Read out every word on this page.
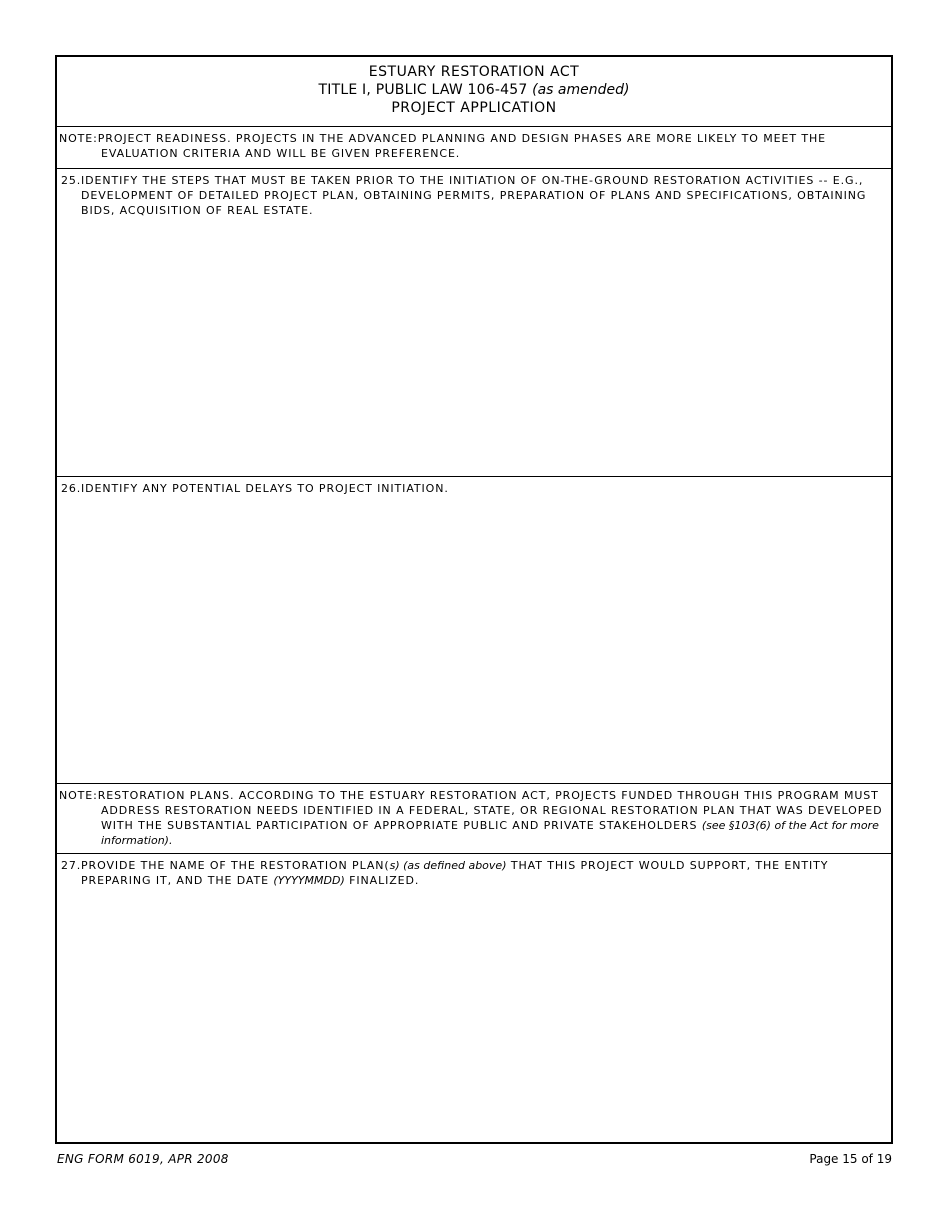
ESTUARY RESTORATION ACT
TITLE I, PUBLIC LAW 106-457 (as amended)
PROJECT APPLICATION
NOTE: PROJECT READINESS. PROJECTS IN THE ADVANCED PLANNING AND DESIGN PHASES ARE MORE LIKELY TO MEET THE
EVALUATION CRITERIA AND WILL BE GIVEN PREFERENCE.
25. IDENTIFY THE STEPS THAT MUST BE TAKEN PRIOR TO THE INITIATION OF ON-THE-GROUND RESTORATION ACTIVITIES -- E.G., DEVELOPMENT OF DETAILED PROJECT PLAN, OBTAINING PERMITS, PREPARATION OF PLANS AND SPECIFICATIONS, OBTAINING BIDS, ACQUISITION OF REAL ESTATE.
26. IDENTIFY ANY POTENTIAL DELAYS TO PROJECT INITIATION.
NOTE: RESTORATION PLANS. ACCORDING TO THE ESTUARY RESTORATION ACT, PROJECTS FUNDED THROUGH THIS PROGRAM MUST
ADDRESS RESTORATION NEEDS IDENTIFIED IN A FEDERAL, STATE, OR REGIONAL RESTORATION PLAN THAT WAS DEVELOPED WITH THE SUBSTANTIAL PARTICIPATION OF APPROPRIATE PUBLIC AND PRIVATE STAKEHOLDERS (see §103(6) of the Act for more information).
27. PROVIDE THE NAME OF THE RESTORATION PLAN(s) (as defined above) THAT THIS PROJECT WOULD SUPPORT, THE ENTITY PREPARING IT, AND THE DATE (YYYYMMDD) FINALIZED.
ENG FORM 6019, APR 2008	Page 15 of 19
